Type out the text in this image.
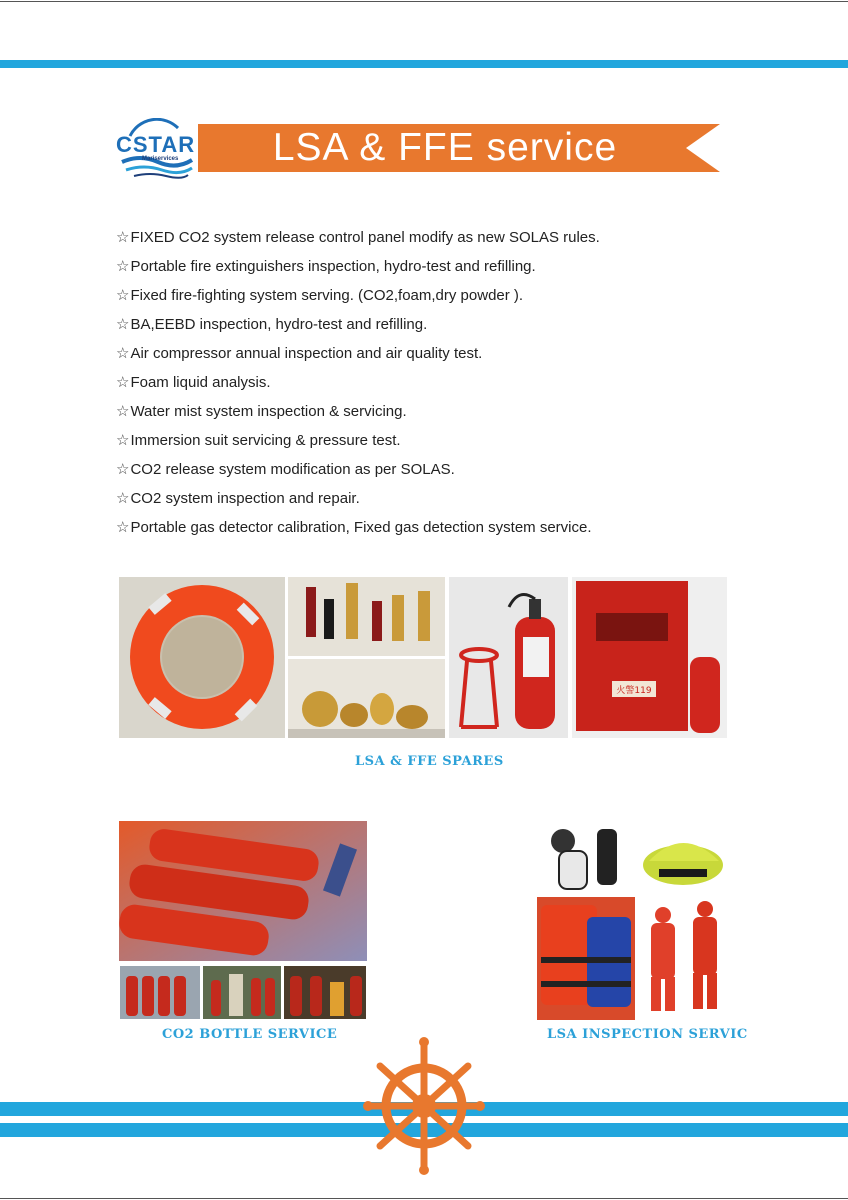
CSTAR
Mariservices	LSA & FFE service
☆FIXED CO2 system release control panel modify as new SOLAS rules.
☆Portable fire extinguishers inspection, hydro-test and refilling.
☆Fixed fire-fighting system serving. (CO2,foam,dry powder ).
☆BA,EEBD inspection, hydro-test and refilling.
☆Air compressor annual inspection and air quality test.
☆Foam liquid analysis.
☆Water mist system inspection & servicing.
☆Immersion suit servicing & pressure test.
☆CO2 release system modification as per SOLAS.
☆CO2 system inspection and repair.
☆Portable gas detector calibration, Fixed gas detection system service.
火警119
LSA & FFE SPARES
CO2 BOTTLE SERVICE	LSA INSPECTION SERVIC
